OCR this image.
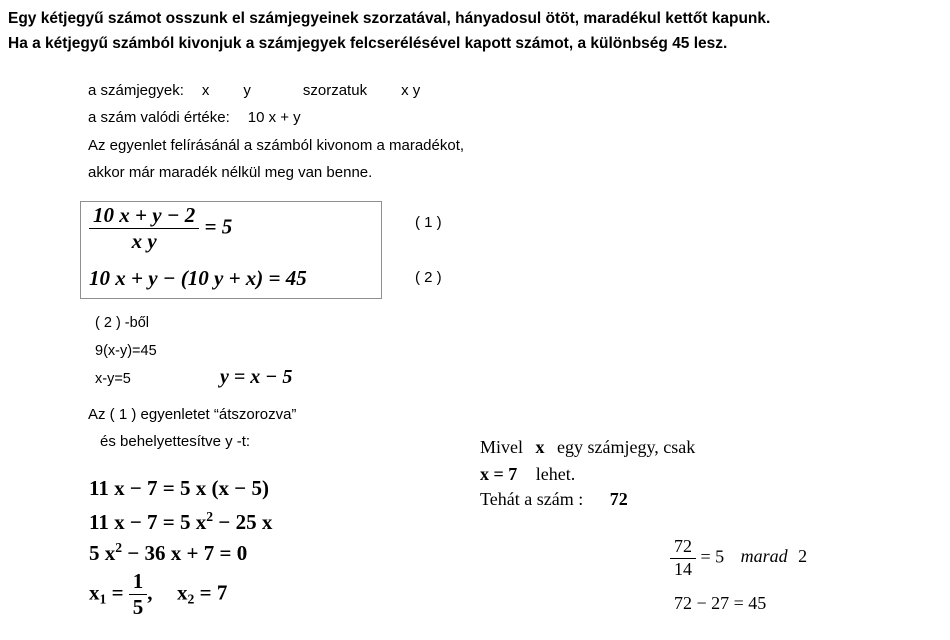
Egy kétjegyű számot osszunk el számjegyeinek szorzatával, hányadosul ötöt, maradékul kettőt kapunk.
Ha a kétjegyű számból kivonjuk a számjegyek felcserélésével kapott számot, a különbség 45 lesz.
a számjegyek: x y	szorzatuk x y
a szám valódi értéke: 10 x + y
Az egyenlet felírásánál a számból kivonom a maradékot,
akkor már maradék nélkül meg van benne.
$\frac{10 x + y - 2}{\text{x y}} = 5$	( 1 )
10 x + y − (10 y + x) = 45	( 2 )
( 2 ) -ből
9(x-y)=45
x-y=5	y = x − 5
Az ( 1 ) egyenletet “átszorozva”
és behelyettesítve y -t:
11 x − 7 = 5 x (x − 5)
11 x − 7 = 5 $x^2 - 25$ x
5 $x^2 - 36$ x + 7 = 0
$x_1 = \frac{1}{5}$ , $x_2 = 7$
Mivel x egy számjegy, csak
x = 7 lehet.
Tehát a szám : 72
$\frac{72}{14} = 5$ marad 2
72 − 27 = 45
